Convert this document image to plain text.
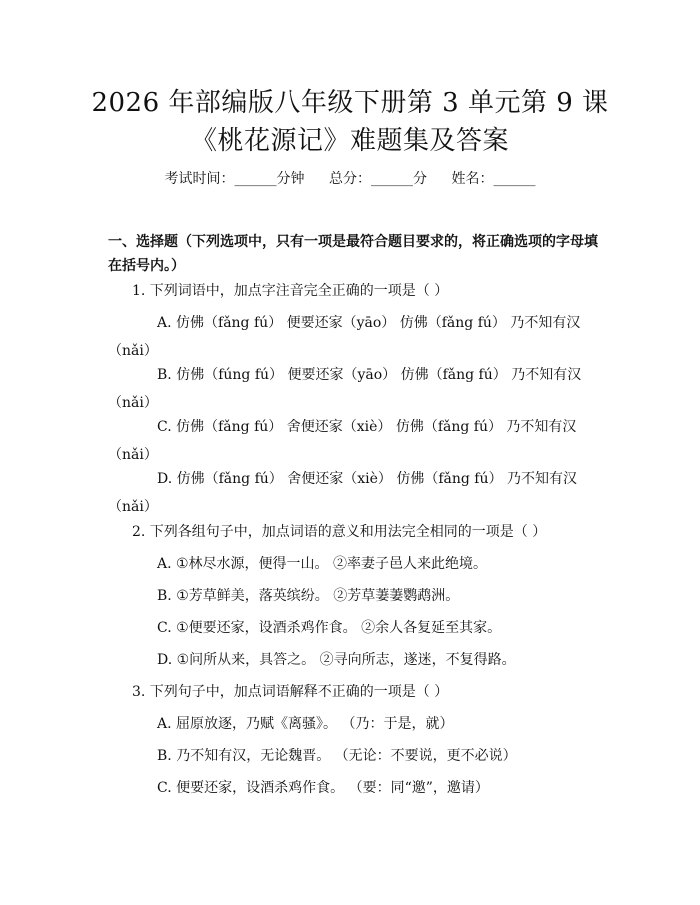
2026 年部编版八年级下册第 3 单元第 9 课
《桃花源记》难题集及答案
考试时间：______分钟 总分：______分 姓名：______
一、选择题（下列选项中，只有一项是最符合题目要求的，将正确选项的字母填在括号内。）
1. 下列词语中，加点字注音完全正确的一项是（ ）
A. 仿佛（fǎng fú） 便要还家（yāo） 仿佛（fǎng fú） 乃不知有汉（nǎi）
B. 仿佛（fúng fú） 便要还家（yāo） 仿佛（fǎng fú） 乃不知有汉（nǎi）
C. 仿佛（fǎng fú） 舍便还家（xiè） 仿佛（fǎng fú） 乃不知有汉（nǎi）
D. 仿佛（fǎng fú） 舍便还家（xiè） 仿佛（fǎng fú） 乃不知有汉（nǎi）
2. 下列各组句子中，加点词语的意义和用法完全相同的一项是（ ）
A. ①林尽水源，便得一山。 ②率妻子邑人来此绝境。
B. ①芳草鲜美，落英缤纷。 ②芳草萋萋鹦鹉洲。
C. ①便要还家，设酒杀鸡作食。 ②余人各复延至其家。
D. ①问所从来，具答之。 ②寻向所志，遂迷，不复得路。
3. 下列句子中，加点词语解释不正确的一项是（ ）
A. 屈原放逐，乃赋《离骚》。 （乃：于是，就）
B. 乃不知有汉，无论魏晋。 （无论：不要说，更不必说）
C. 便要还家，设酒杀鸡作食。 （要：同“邀”，邀请）
